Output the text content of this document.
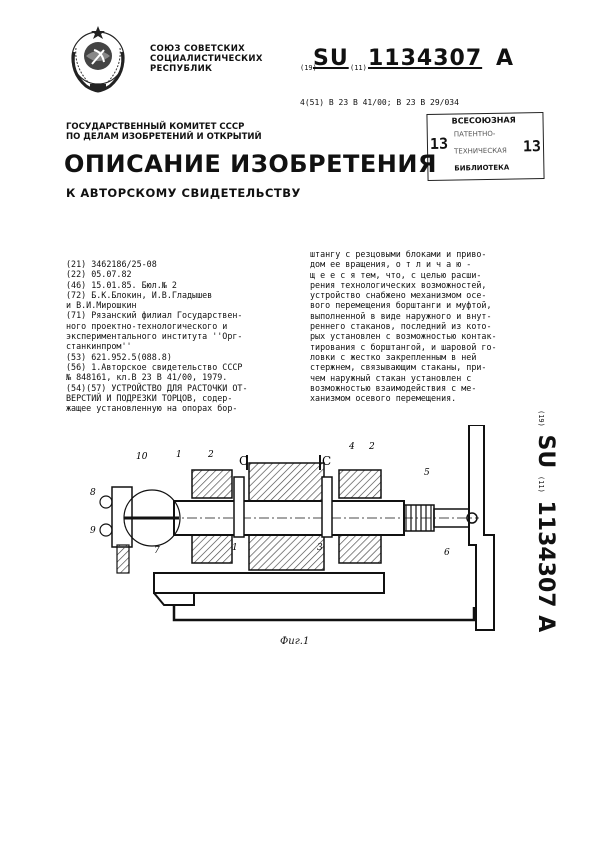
СОЮЗ СОВЕТСКИХ
СОЦИАЛИСТИЧЕСКИХ
РЕСПУБЛИК	(19)
SU (11) 1134307 A
4(51) В 23 В 41/00; В 23 В 29/034
ГОСУДАРСТВЕННЫЙ КОМИТЕТ СССР
ПО ДЕЛАМ ИЗОБРЕТЕНИЙ И ОТКРЫТИЙ
ВСЕСОЮЗНАЯ
13
ПАТЕНТНО-
ТЕХНИЧЕСКАЯ 13
БИБЛИОТЕКА
ОПИСАНИЕ ИЗОБРЕТЕНИЯ
К АВТОРСКОМУ СВИДЕТЕЛЬСТВУ
(21) 3462186/25-08
(22) 05.07.82
(46) 15.01.85. Бюл.№ 2
(72) Б.К.Блокин, И.В.Гладышев
и В.И.Мирошкин
(71) Рязанский филиал Государствен-
ного проектно-технологического и
экспериментального института ''Орг-
станкинпром''
(53) 621.952.5(088.8)
(56) 1.Авторское свидетельство СССР
№ 848161, кл.В 23 В 41/00, 1979.
(54)(57) УСТРОЙСТВО ДЛЯ РАСТОЧКИ ОТ-
ВЕРСТИЙ И ПОДРЕЗКИ ТОРЦОВ, содер-
жащее установленную на опорах бор-
штангу с резцовыми блоками и приво-
дом ее вращения, о т л и ч а ю -
щ е е с я тем, что, с целью расши-
рения технологических возможностей,
устройство снабжено механизмом осе-
вого перемещения борштанги и муфтой,
выполненной в виде наружного и внут-
реннего стаканов, последний из кото-
рых установлен с возможностью контак-
тирования с борштангой, и шаровой го-
ловки с жестко закрепленным в ней
стержнем, связывающим стаканы, при-
чем наружный стакан установлен с
возможностью взаимодействия с ме-
ханизмом осевого перемещения.
(19) SU (11) 1134307 A
10	1	2 С	С
4 2
8
9
7	1	3
5
6
Фиг.1
